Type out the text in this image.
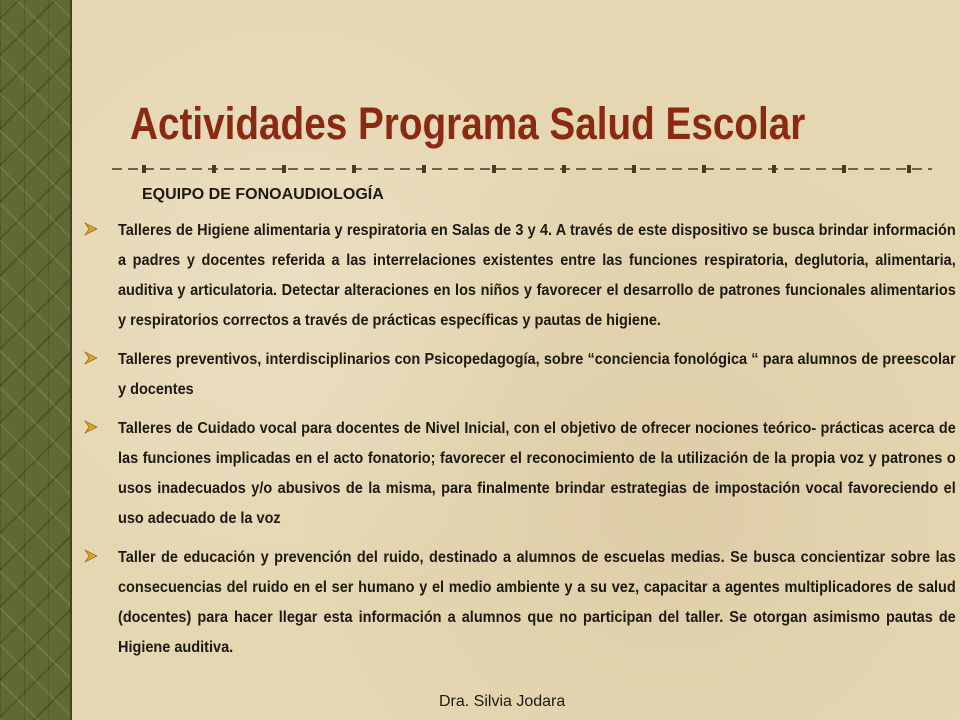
Actividades Programa Salud Escolar

EQUIPO DE FONOAUDIOLOGÍA

Talleres de Higiene alimentaria y respiratoria en Salas de 3 y 4. A través de este dispositivo se busca brindar información a padres y docentes referida a las interrelaciones existentes entre las funciones respiratoria, deglutoria, alimentaria, auditiva y articulatoria. Detectar alteraciones en los niños y favorecer el desarrollo de patrones funcionales alimentarios y respiratorios correctos a través de prácticas específicas y pautas de higiene.
Talleres preventivos, interdisciplinarios con Psicopedagogía, sobre “conciencia fonológica “ para alumnos de preescolar y docentes
Talleres de Cuidado vocal para docentes de Nivel Inicial, con el objetivo de ofrecer nociones teórico- prácticas acerca de las funciones implicadas en el acto fonatorio; favorecer el reconocimiento de la utilización de la propia voz y patrones o usos inadecuados y/o abusivos de la misma, para finalmente brindar estrategias de impostación vocal favoreciendo el uso adecuado de la voz
Taller de educación y prevención del ruido, destinado a alumnos de escuelas medias. Se busca concientizar sobre las consecuencias del ruido en el ser humano y el medio ambiente y a su vez, capacitar a agentes multiplicadores de salud (docentes) para hacer llegar esta información a alumnos que no participan del taller. Se otorgan asimismo pautas de Higiene auditiva.

Dra. Silvia Jodara
